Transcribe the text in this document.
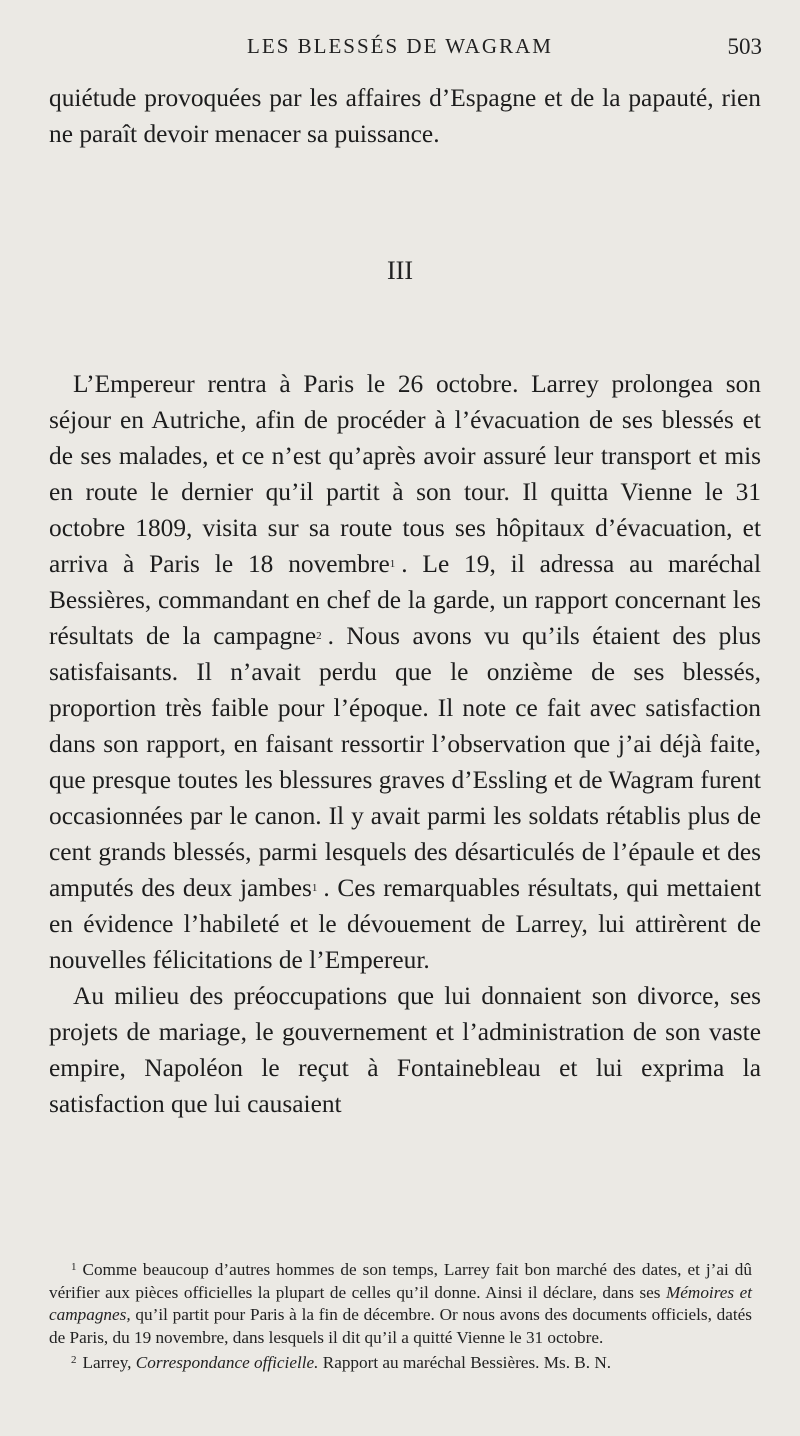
LES BLESSÉS DE WAGRAM	503

quiétude provoquées par les affaires d’Espagne et de la papauté, rien ne paraît devoir menacer sa puissance.

III

L’Empereur rentra à Paris le 26 octobre. Larrey prolongea son séjour en Autriche, afin de procéder à l’évacuation de ses blessés et de ses malades, et ce n’est qu’après avoir assuré leur transport et mis en route le dernier qu’il partit à son tour. Il quitta Vienne le 31 octobre 1809, visita sur sa route tous ses hôpitaux d’évacuation, et arriva à Paris le 18 novembre$^1$ . Le 19, il adressa au maréchal Bessières, commandant en chef de la garde, un rapport concernant les résultats de la campagne$^2$ . Nous avons vu qu’ils étaient des plus satisfaisants. Il n’avait perdu que le onzième de ses blessés, proportion très faible pour l’époque. Il note ce fait avec satisfaction dans son rapport, en faisant ressortir l’observation que j’ai déjà faite, que presque toutes les blessures graves d’Essling et de Wagram furent occasionnées par le canon. Il y avait parmi les soldats rétablis plus de cent grands blessés, parmi lesquels des désarticulés de l’épaule et des amputés des deux jambes$^1$ . Ces remarquables résultats, qui mettaient en évidence l’habileté et le dévouement de Larrey, lui attirèrent de nouvelles félicitations de l’Empereur.

Au milieu des préoccupations que lui donnaient son divorce, ses projets de mariage, le gouvernement et l’administration de son vaste empire, Napoléon le reçut à Fontainebleau et lui exprima la satisfaction que lui causaient

$^1$ Comme beaucoup d’autres hommes de son temps, Larrey fait bon marché des dates, et j’ai dû vérifier aux pièces officielles la plupart de celles qu’il donne. Ainsi il déclare, dans ses Mémoires et campagnes, qu’il partit pour Paris à la fin de décembre. Or nous avons des documents officiels, datés de Paris, du 19 novembre, dans lesquels il dit qu’il a quitté Vienne le 31 octobre.

$^2$ Larrey, Correspondance officielle. Rapport au maréchal Bessières. Ms. B. N.
